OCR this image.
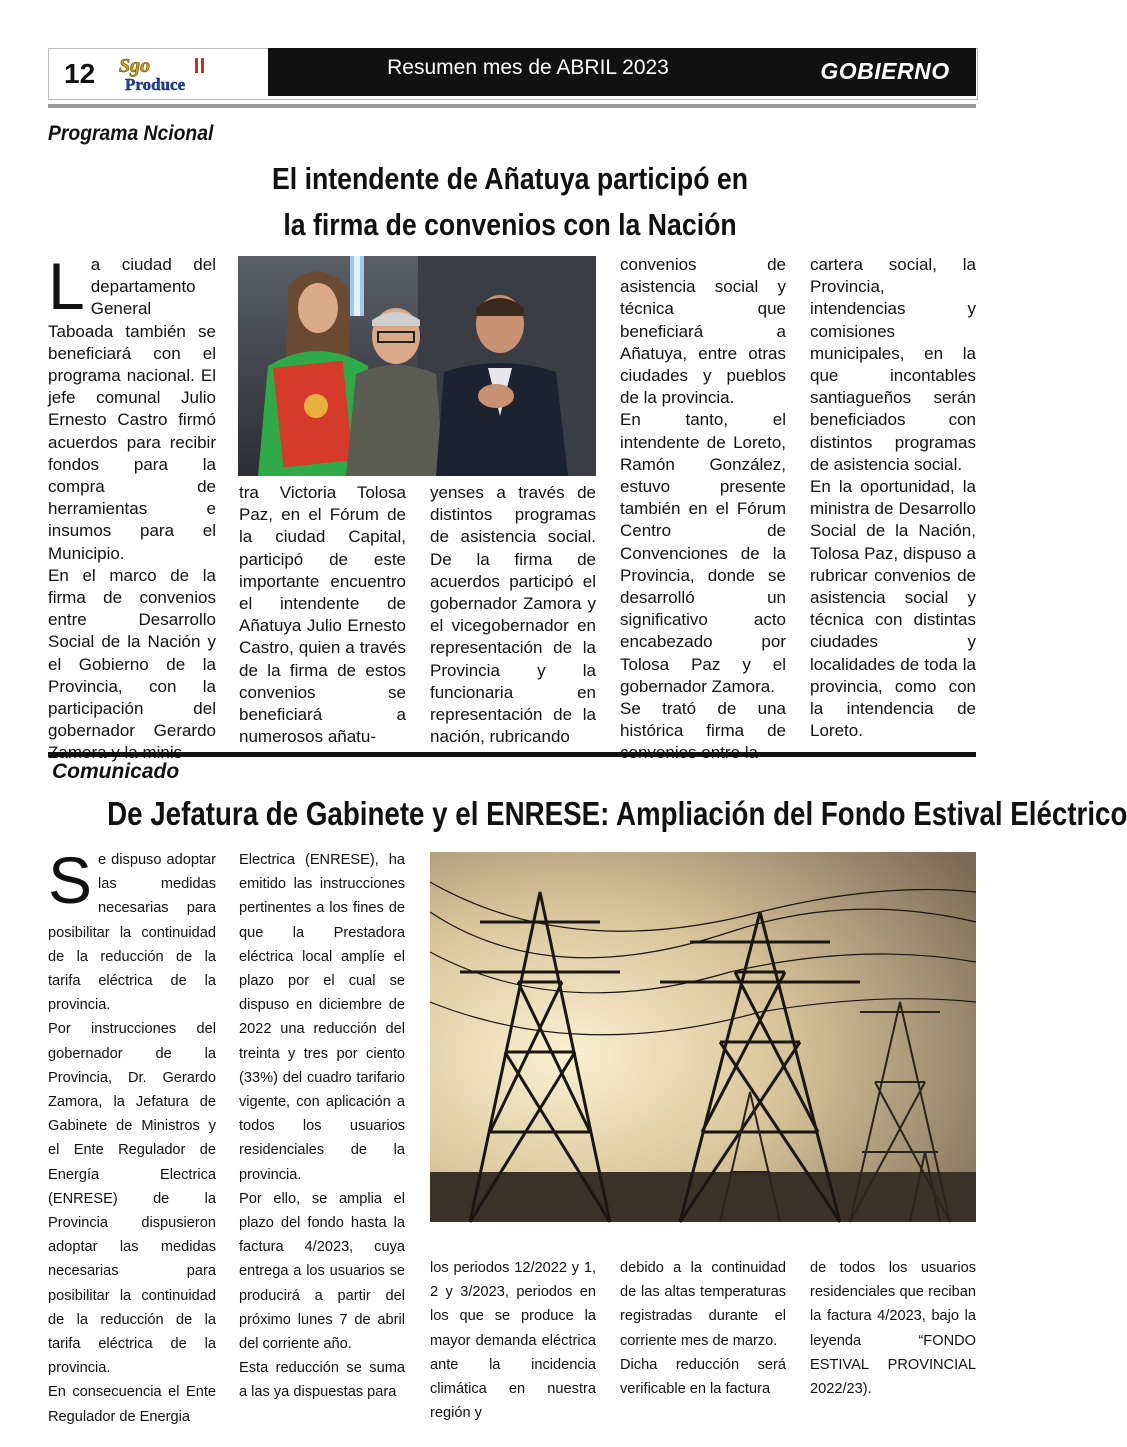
12 Sgo
Produce
Resumen mes de ABRIL 2023	GOBIERNO
Programa Ncional
El intendente de Añatuya participó en
la firma de convenios con la Nación
L a ciudad del departamento General Taboada también se beneficiará con el programa nacional. El jefe comunal Julio Ernesto Castro firmó acuerdos para recibir fondos para la compra de herramientas e insumos para el Municipio.

En el marco de la firma de convenios entre Desarrollo Social de la Nación y el Gobierno de la Provincia, con la participación del gobernador Gerardo

tra Victoria Tolosa Paz, en el Fórum de la ciudad Capital, participó de este importante encuentro el intendente de Añatuya Julio Ernesto Castro, quien a través de la firma de estos convenios se beneficiará a numerosos añatu-

yenses a través de distintos programas de asistencia social. De la firma de acuerdos participó el gobernador Zamora y el vicegobernador en representación de la Provincia y la funcionaria en representación de la nación, rubricando

convenios de asistencia social y técnica que beneficiará a Añatuya, entre otras ciudades y pueblos de la provincia.

En tanto, el intendente de Loreto, Ramón González, estuvo presente también en el Fórum Centro de Convenciones de la Provincia, donde se desarrolló un significativo acto encabezado por Tolosa Paz y el gobernador Zamora.

Se trató de una histórica firma de

cartera social, la Provincia, intendencias y comisiones municipales, en la que incontables santiagueños serán beneficiados con distintos programas de asistencia social.

En la oportunidad, la ministra de Desarrollo Social de la Nación, Tolosa Paz, dispuso a rubricar convenios de asistencia social y técnica con distintas ciudades y localidades de toda la provincia, como con la intendencia de Loreto.

Comunicado
De Jefatura de Gabinete y el ENRESE: Ampliación del Fondo Estival Eléctrico
S e dispuso adoptar las medidas necesarias para posibilitar la continuidad de la reducción de la tarifa eléctrica de la provincia.

Por instrucciones del gobernador de la Provincia, Dr. Gerardo Zamora, la Jefatura de Gabinete de Ministros y el Ente Regulador de Energía Electrica (ENRESE) de la Provincia dispusieron adoptar las medidas necesarias para posibilitar la continuidad de la reducción de la tarifa eléctrica de la provincia.

En consecuencia el Ente Regulador de Energia

Electrica (ENRESE), ha emitido las instrucciones pertinentes a los fines de que la Prestadora eléctrica local amplíe el plazo por el cual se dispuso en diciembre de 2022 una reducción del treinta y tres por ciento (33%) del cuadro tarifario vigente, con aplicación a todos los usuarios residenciales de la provincia.

Por ello, se amplia el plazo del fondo hasta la factura 4/2023, cuya entrega a los usuarios se producirá a partir del próximo lunes 7 de abril del corriente año.

Esta reducción se suma a las ya dispuestas para

los periodos 12/2022 y 1, 2 y 3/2023, periodos en los que se produce la mayor demanda eléctrica ante la incidencia climática en nuestra región y

debido a la continuidad de las altas temperaturas registradas durante el corriente mes de marzo.

Dicha reducción será verificable en la factura

de todos los usuarios residenciales que reciban la factura 4/2023, bajo la leyenda “FONDO ESTIVAL PROVINCIAL 2022/23).
